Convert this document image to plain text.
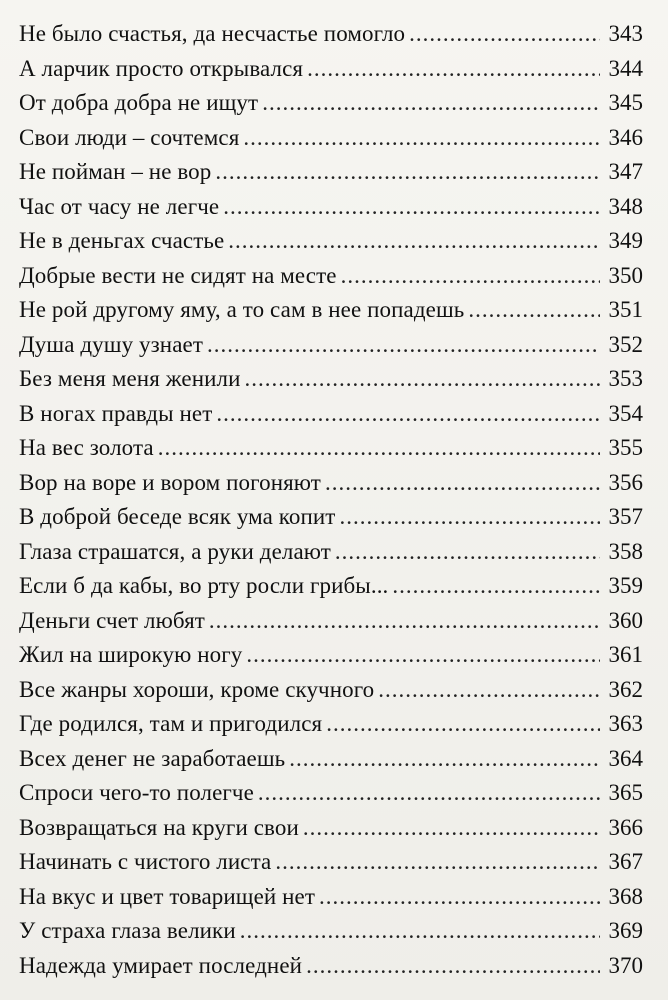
Не было счастья, да несчастье помогло .....	343
А ларчик просто открывался .....	344
От добра добра не ищут .....	345
Свои люди – сочтемся .....	346
Не пойман – не вор .....	347
Час от часу не легче .....	348
Не в деньгах счастье .....	349
Добрые вести не сидят на месте .....	350
Не рой другому яму, а то сам в нее попадешь .....	351
Душа душу узнает .....	352
Без меня меня женили .....	353
В ногах правды нет .....	354
На вес золота .....	355
Вор на воре и вором погоняют .....	356
В доброй беседе всяк ума копит .....	357
Глаза страшатся, а руки делают .....	358
Если б да кабы, во рту росли грибы... .....	359
Деньги счет любят .....	360
Жил на широкую ногу .....	361
Все жанры хороши, кроме скучного .....	362
Где родился, там и пригодился .....	363
Всех денег не заработаешь .....	364
Спроси чего-то полегче .....	365
Возвращаться на круги свои .....	366
Начинать с чистого листа .....	367
На вкус и цвет товарищей нет .....	368
У страха глаза велики .....	369
Надежда умирает последней .....	370
